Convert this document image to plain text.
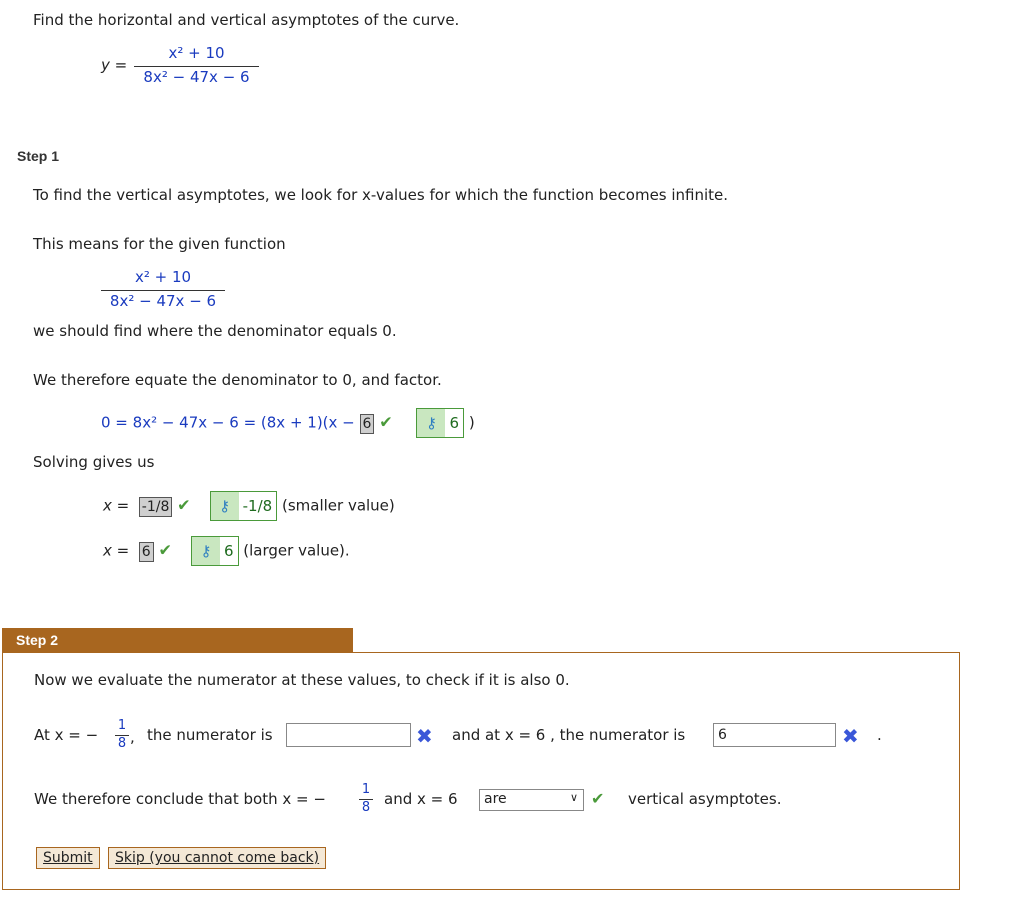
Find the horizontal and vertical asymptotes of the curve.
y =
x² + 10
8x² − 47x − 6
Step 1
To find the vertical asymptotes, we look for x-values for which the function becomes infinite.
This means for the given function
x² + 10
8x² − 47x − 6
we should find where the denominator equals 0.
We therefore equate the denominator to 0, and factor.
0 = 8x² − 47x − 6 = (8x + 1)(x − 6 ✔ ⚷ 6 )
Solving gives us
x = -1/8 ✔ ⚷ -1/8 (smaller value)
x = 6 ✔ ⚷ 6 (larger value).
Step 2
Now we evaluate the numerator at these values, to check if it is also 0.
At x = −
1
8 , the numerator is	✖ and at x = 6 , the numerator is
6	✖ .
We therefore conclude that both x = −
1
8 and x = 6	are	∨ ✔ vertical asymptotes.
Submit	Skip (you cannot come back)
